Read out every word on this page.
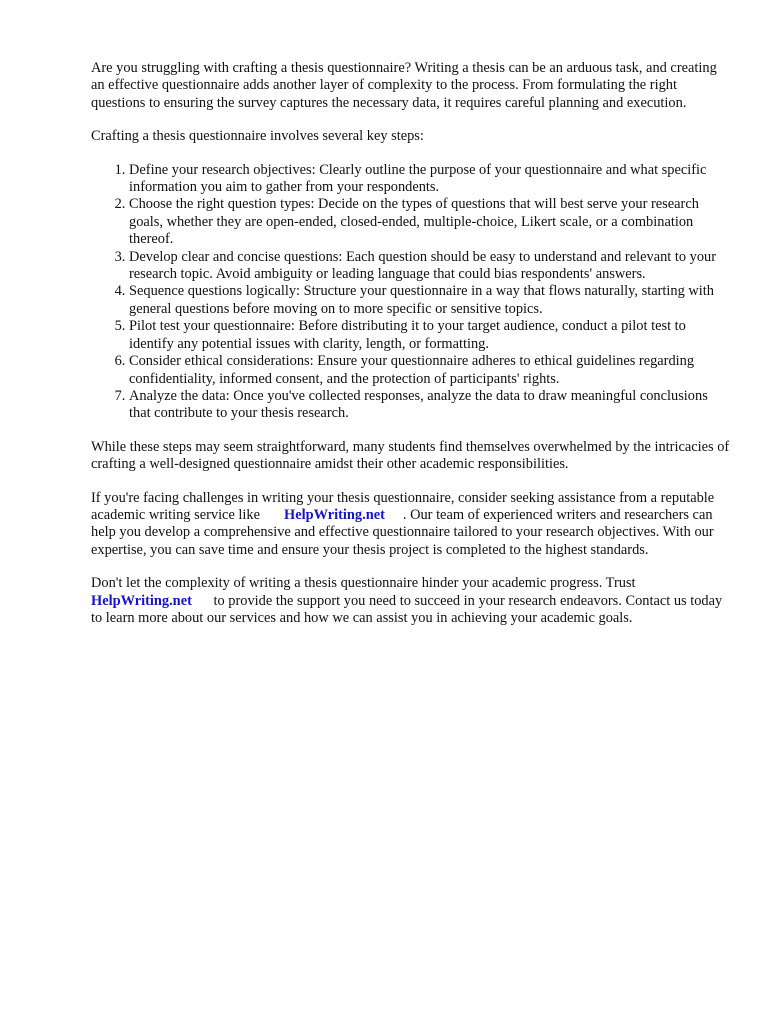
Are you struggling with crafting a thesis questionnaire? Writing a thesis can be an arduous task, and creating an effective questionnaire adds another layer of complexity to the process. From formulating the right questions to ensuring the survey captures the necessary data, it requires careful planning and execution.

Crafting a thesis questionnaire involves several key steps:

1. Define your research objectives: Clearly outline the purpose of your questionnaire and what specific information you aim to gather from your respondents.
2. Choose the right question types: Decide on the types of questions that will best serve your research goals, whether they are open-ended, closed-ended, multiple-choice, Likert scale, or a combination thereof.
3. Develop clear and concise questions: Each question should be easy to understand and relevant to your research topic. Avoid ambiguity or leading language that could bias respondents' answers.
4. Sequence questions logically: Structure your questionnaire in a way that flows naturally, starting with general questions before moving on to more specific or sensitive topics.
5. Pilot test your questionnaire: Before distributing it to your target audience, conduct a pilot test to identify any potential issues with clarity, length, or formatting.
6. Consider ethical considerations: Ensure your questionnaire adheres to ethical guidelines regarding confidentiality, informed consent, and the protection of participants' rights.
7. Analyze the data: Once you've collected responses, analyze the data to draw meaningful conclusions that contribute to your thesis research.

While these steps may seem straightforward, many students find themselves overwhelmed by the intricacies of crafting a well-designed questionnaire amidst their other academic responsibilities.

If you're facing challenges in writing your thesis questionnaire, consider seeking assistance from a reputable academic writing service like HelpWriting.net . Our team of experienced writers and researchers can help you develop a comprehensive and effective questionnaire tailored to your research objectives. With our expertise, you can save time and ensure your thesis project is completed to the highest standards.

Don't let the complexity of writing a thesis questionnaire hinder your academic progress. Trust HelpWriting.net to provide the support you need to succeed in your research endeavors. Contact us today to learn more about our services and how we can assist you in achieving your academic goals.
